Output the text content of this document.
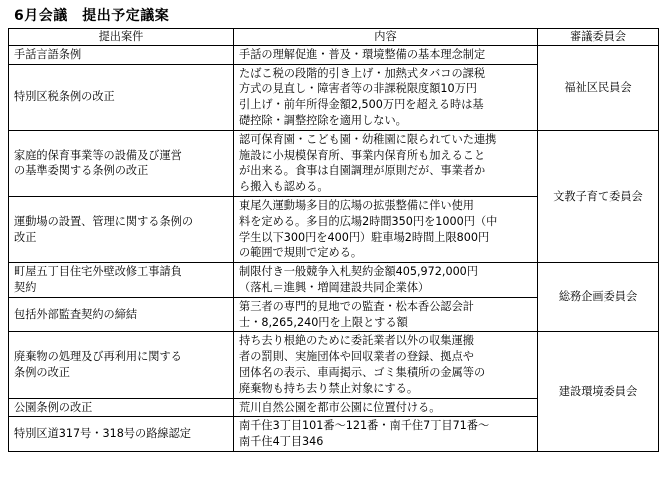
6月会議　提出予定議案
提出案件	内容	審議委員会

手話言語条例	手話の理解促進・普及・環境整備の基本理念制定	福祉区民員会

特別区税条例の改正	たばこ税の段階的引き上げ・加熱式タバコの課税
方式の見直し・障害者等の非課税限度額10万円
引上げ・前年所得金額2,500万円を超える時は基
礎控除・調整控除を適用しない。	

家庭的保育事業等の設備及び運営
の基準委関する条例の改正	認可保育園・こども園・幼稚園に限られていた連携
施設に小規模保育所、事業内保育所も加えること
が出来る。食事は自園調理が原則だが、事業者か
ら搬入も認める。	文教子育て委員会

運動場の設置、管理に関する条例の
改正	東尾久運動場多目的広場の拡張整備に伴い使用
料を定める。多目的広場2時間350円を1000円（中
学生以下300円を400円）駐車場2時間上限800円
の範囲で規則で定める。	

町屋五丁目住宅外壁改修工事請負
契約	制限付き一般競争入札契約金額405,972,000円
（落札＝進興・増岡建設共同企業体）	総務企画委員会

包括外部監査契約の締結	第三者の専門的見地での監査・松本香公認会計
士・8,265,240円を上限とする額	

廃棄物の処理及び再利用に関する
条例の改正	持ち去り根絶のために委託業者以外の収集運搬
者の罰則、実施団体や回収業者の登録、拠点や
団体名の表示、車両掲示、ゴミ集積所の金属等の
廃棄物も持ち去り禁止対象にする。	建設環境委員会

公園条例の改正	荒川自然公園を都市公園に位置付ける。	

特別区道317号・318号の路線認定	南千住3丁目101番～121番・南千住7丁目71番～
南千住4丁目346	
